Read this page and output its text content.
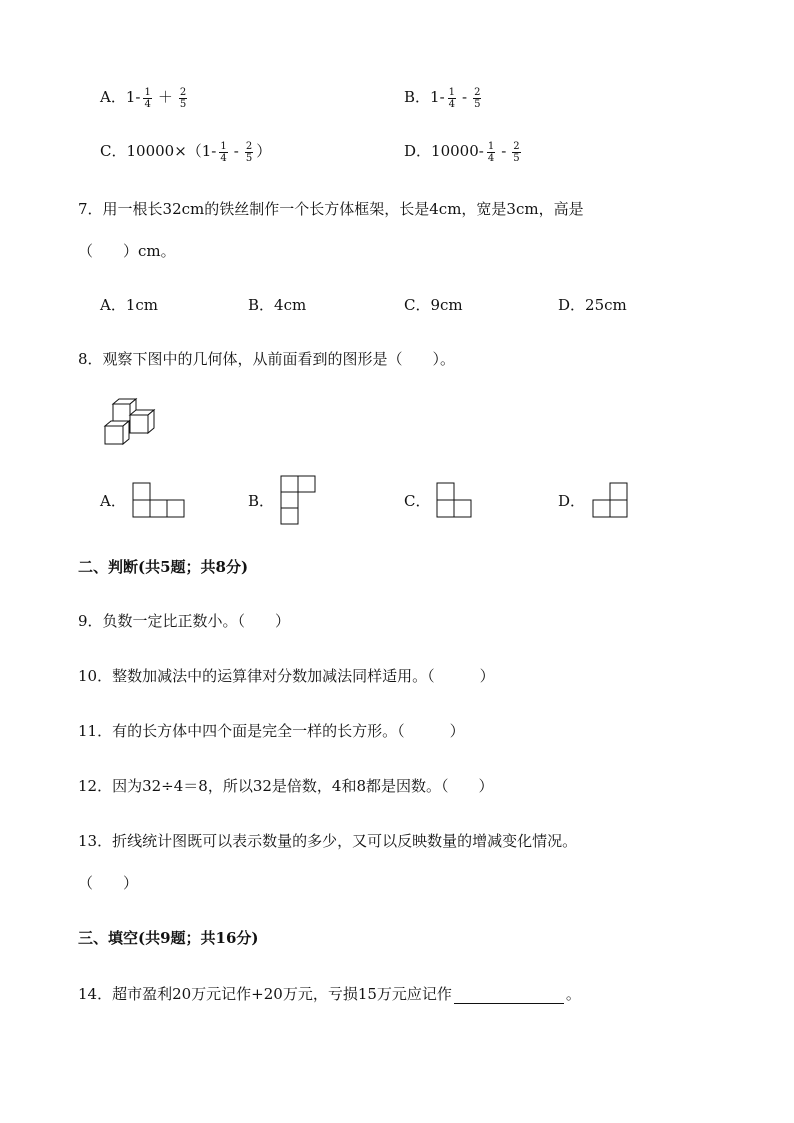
A．$1- \frac{1}{4} + \frac{2}{5}$	B．$1- \frac{1}{4} - \frac{2}{5}$
C．$10000\times(1- \frac{1}{4} - \frac{2}{5}$ ）	D．$10000- \frac{1}{4} - \frac{2}{5}$
7．用一根长32cm的铁丝制作一个长方体框架，长是4cm，宽是3cm，高是
（　　）cm。
A．1cm	B．4cm	C．9cm	D．25cm
8．观察下图中的几何体，从前面看到的图形是（　　）。
A．	B．	C．	D．
二、判断(共5题；共8分)
9．负数一定比正数小。（　　）
10．整数加减法中的运算律对分数加减法同样适用。（　　　）
11．有的长方体中四个面是完全一样的长方形。（　　　）
12．因为32÷4＝8，所以32是倍数，4和8都是因数。（　　）
13．折线统计图既可以表示数量的多少，又可以反映数量的增减变化情况。
（　　）
三、填空(共9题；共16分)
14．超市盈利20万元记作+20万元，亏损15万元应记作	。
